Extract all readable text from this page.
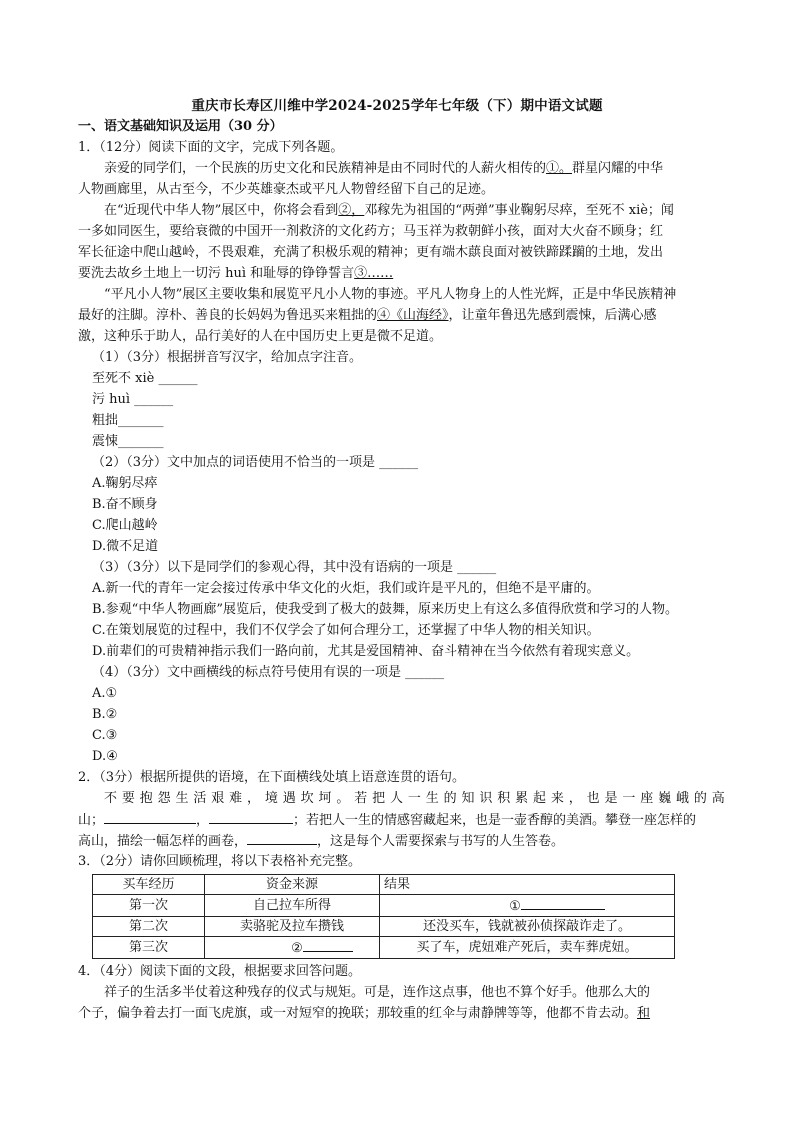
重庆市长寿区川维中学2024-2025学年七年级（下）期中语文试题
一、语文基础知识及运用（30 分）
1．（12分）阅读下面的文字，完成下列各题。
亲爱的同学们，一个民族的历史文化和民族精神是由不同时代的人薪火相传的①。群星闪耀的中华
人物画廊里，从古至今，不少英雄豪杰或平凡人物曾经留下自己的足迹。
在“近现代中华人物”展区中，你将会看到②，邓稼先为祖国的“两弹”事业鞠躬尽瘁，至死不 xiè；闻
一多如同医生，要给衰微的中国开一剂救济的文化药方；马玉祥为救朝鲜小孩，面对大火奋不顾身；红
军长征途中爬山越岭，不畏艰难，充满了积极乐观的精神；更有端木蕻良面对被铁蹄蹂躏的土地，发出
要洗去故乡土地上一切污 huì 和耻辱的铮铮誓言③……
“平凡小人物”展区主要收集和展览平凡小人物的事迹。平凡人物身上的人性光辉，正是中华民族精神
最好的注脚。淳朴、善良的长妈妈为鲁迅买来粗拙的④《山海经》，让童年鲁迅先感到震悚，后满心感
激，这种乐于助人，品行美好的人在中国历史上更是微不足道。
（1）（3分）根据拼音写汉字，给加点字注音。
至死不 xiè ______
污 huì ______
粗拙_______
震悚_______
（2）（3分）文中加点的词语使用不恰当的一项是 ______
A.鞠躬尽瘁
B.奋不顾身
C.爬山越岭
D.微不足道
（3）（3分）以下是同学们的参观心得，其中没有语病的一项是 ______
A.新一代的青年一定会接过传承中华文化的火炬，我们或许是平凡的，但绝不是平庸的。
B.参观“中华人物画廊”展览后，使我受到了极大的鼓舞，原来历史上有这么多值得欣赏和学习的人物。
C.在策划展览的过程中，我们不仅学会了如何合理分工，还掌握了中华人物的相关知识。
D.前辈们的可贵精神指示我们一路向前，尤其是爱国精神、奋斗精神在当今依然有着现实意义。
（4）（3分）文中画横线的标点符号使用有误的一项是 ______
A.①
B.②
C.③
D.④
2．（3分）根据所提供的语境，在下面横线处填上语意连贯的语句。
不要抱怨生活艰难，境遇坎坷。若把人一生的知识积累起来，也是一座巍峨的高
山；	，	；若把人一生的情感窖藏起来，也是一壶香醇的美酒。攀登一座怎样的
高山，描绘一幅怎样的画卷，	，这是每个人需要探索与书写的人生答卷。
3．（2分）请你回顾梳理，将以下表格补充完整。
买车经历	资金来源	结果
第一次	自己拉车所得	①
第二次	卖骆驼及拉车攒钱	还没买车，钱就被孙侦探敲诈走了。
第三次	②	买了车，虎妞难产死后，卖车葬虎妞。
4．（4分）阅读下面的文段，根据要求回答问题。
祥子的生活多半仗着这种残存的仪式与规矩。可是，连作这点事，他也不算个好手。他那么大的
个子，偏争着去打一面飞虎旗，或一对短窄的挽联；那较重的红伞与肃静牌等等，他都不肯去动。和
